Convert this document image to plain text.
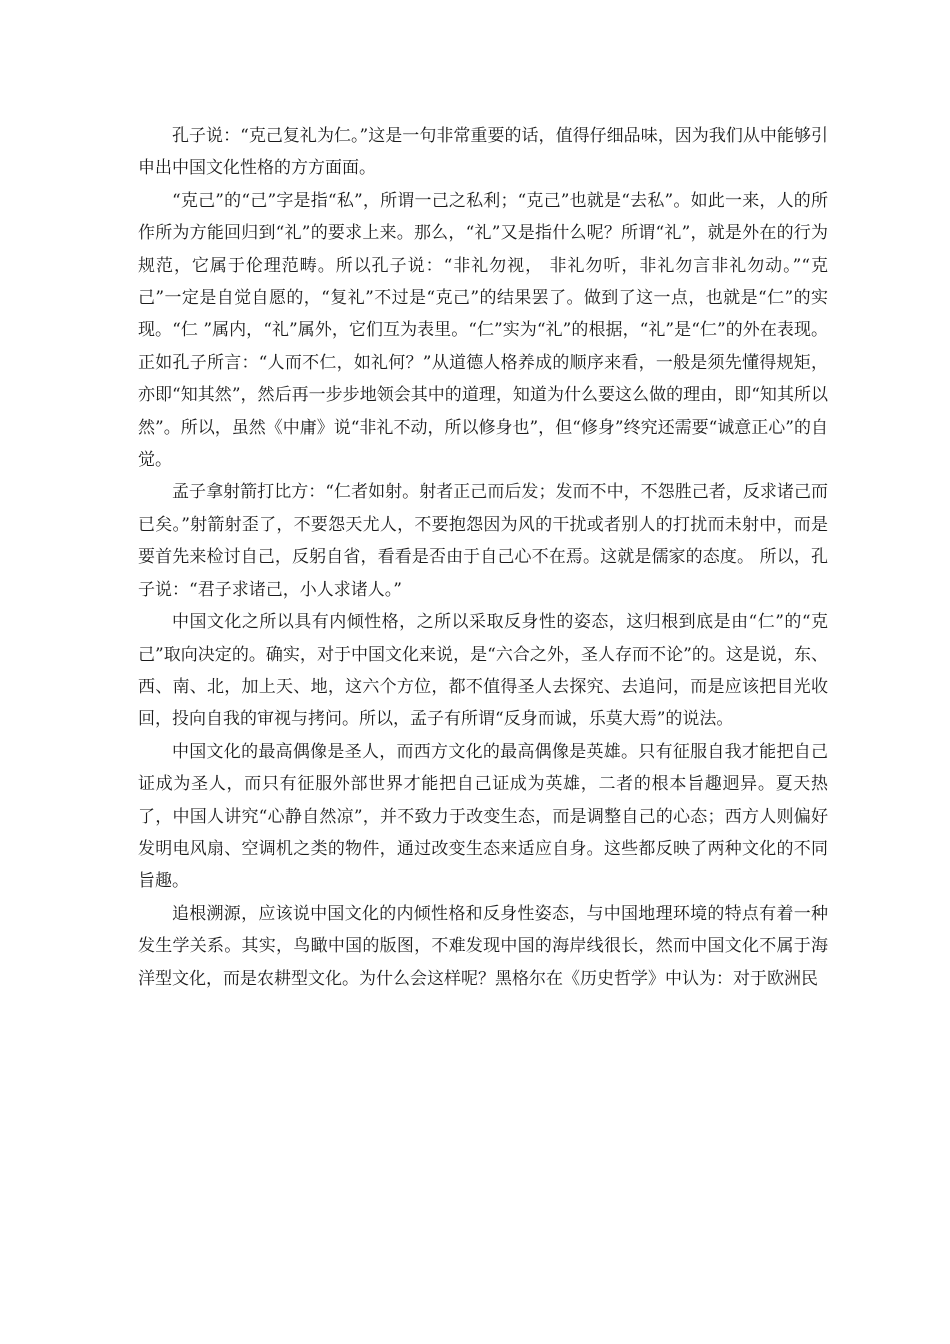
孔子说：“克己复礼为仁。”这是一句非常重要的话，值得仔细品味，因为我们从中能够引申出中国文化性格的方方面面。

“克己”的“己”字是指“私”，所谓一己之私利；“克己”也就是“去私”。如此一来，人的所作所为方能回归到“礼”的要求上来。那么，“礼”又是指什么呢？所谓“礼”，就是外在的行为规范，它属于伦理范畴。所以孔子说：“非礼勿视， 非礼勿听，非礼勿言非礼勿动。”“克己”一定是自觉自愿的，“复礼”不过是“克己”的结果罢了。做到了这一点，也就是“仁”的实现。“仁 ”属内，“礼”属外，它们互为表里。“仁”实为“礼”的根据，“礼”是“仁”的外在表现。正如孔子所言：“人而不仁，如礼何？”从道德人格养成的顺序来看，一般是须先懂得规矩，亦即“知其然”，然后再一步步地领会其中的道理，知道为什么要这么做的理由，即“知其所以然”。所以，虽然《中庸》说“非礼不动，所以修身也”，但“修身”终究还需要“诚意正心”的自觉。

孟子拿射箭打比方：“仁者如射。射者正己而后发；发而不中，不怨胜己者，反求诸己而已矣。”射箭射歪了，不要怨天尤人，不要抱怨因为风的干扰或者别人的打扰而未射中，而是要首先来检讨自己，反躬自省，看看是否由于自己心不在焉。这就是儒家的态度。 所以，孔子说：“君子求诸己，小人求诸人。”

中国文化之所以具有内倾性格，之所以采取反身性的姿态，这归根到底是由“仁”的“克己”取向决定的。确实，对于中国文化来说，是“六合之外，圣人存而不论”的。这是说，东、西、南、北，加上天、地，这六个方位，都不值得圣人去探究、去追问，而是应该把目光收回，投向自我的审视与拷问。所以，孟子有所谓“反身而诚，乐莫大焉”的说法。

中国文化的最高偶像是圣人，而西方文化的最高偶像是英雄。只有征服自我才能把自己证成为圣人，而只有征服外部世界才能把自己证成为英雄，二者的根本旨趣迥异。夏天热了，中国人讲究“心静自然凉”，并不致力于改变生态，而是调整自己的心态；西方人则偏好发明电风扇、空调机之类的物件，通过改变生态来适应自身。这些都反映了两种文化的不同旨趣。

追根溯源，应该说中国文化的内倾性格和反身性姿态，与中国地理环境的特点有着一种发生学关系。其实，鸟瞰中国的版图，不难发现中国的海岸线很长，然而中国文化不属于海洋型文化，而是农耕型文化。为什么会这样呢？黑格尔在《历史哲学》中认为：对于欧洲民
